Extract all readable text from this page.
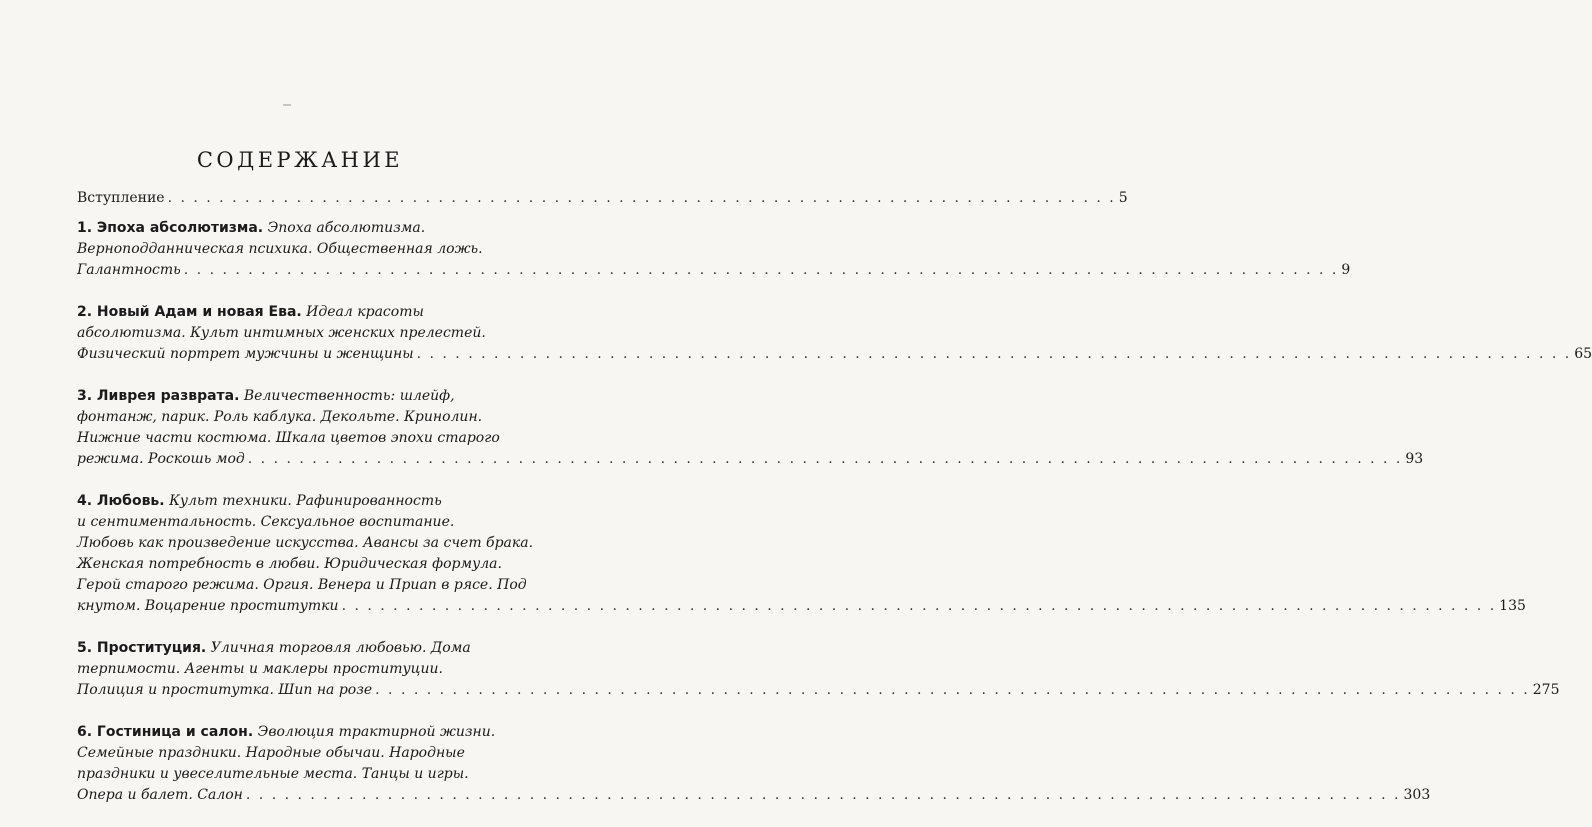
СОДЕРЖАНИЕ
Вступление . . . . . . . . . . . . . . . . . . . . . . . . . . . . . . . . . . . . . . . . . . . . . . . . . . . . . . . . . . . . . . . . . . . . . . . . . . 5
1. Эпоха абсолютизма. Эпоха абсолютизма.
Верноподданническая психика. Общественная ложь.
Галантность . . . . . . . . . . . . . . . . . . . . . . . . . . . . . . . . . . . . . . . . . . . . . . . . . . . . . . . . . . . . . . . . . . . . . . . . . . . . . . . . . . . . . . . . . . 9
2. Новый Адам и новая Ева. Идеал красоты
абсолютизма. Культ интимных женских прелестей.
Физический портрет мужчины и женщины . . . . . . . . . . . . . . . . . . . . . . . . . . . . . . . . . . . . . . . . . . . . . . . . . . . . . . . . . . . . . . . . . . . . . . . . . . . . . . . . . . . . . . . . . . 65
3. Ливрея разврата. Величественность: шлейф,
фонтанж, парик. Роль каблука. Декольте. Кринолин.
Нижние части костюма. Шкала цветов эпохи старого
режима. Роскошь мод . . . . . . . . . . . . . . . . . . . . . . . . . . . . . . . . . . . . . . . . . . . . . . . . . . . . . . . . . . . . . . . . . . . . . . . . . . . . . . . . . . . . . . . . . . 93
4. Любовь. Культ техники. Рафинированность
и сентиментальность. Сексуальное воспитание.
Любовь как произведение искусства. Авансы за счет брака.
Женская потребность в любви. Юридическая формула.
Герой старого режима. Оргия. Венера и Приап в рясе. Под
кнутом. Воцарение проститутки . . . . . . . . . . . . . . . . . . . . . . . . . . . . . . . . . . . . . . . . . . . . . . . . . . . . . . . . . . . . . . . . . . . . . . . . . . . . . . . . . . . . . . . . . . 135
5. Проституция. Уличная торговля любовью. Дома
терпимости. Агенты и маклеры проституции.
Полиция и проститутка. Шип на розе . . . . . . . . . . . . . . . . . . . . . . . . . . . . . . . . . . . . . . . . . . . . . . . . . . . . . . . . . . . . . . . . . . . . . . . . . . . . . . . . . . . . . . . . . . 275
6. Гостиница и салон. Эволюция трактирной жизни.
Семейные праздники. Народные обычаи. Народные
праздники и увеселительные места. Танцы и игры.
Опера и балет. Салон . . . . . . . . . . . . . . . . . . . . . . . . . . . . . . . . . . . . . . . . . . . . . . . . . . . . . . . . . . . . . . . . . . . . . . . . . . . . . . . . . . . . . . . . . . 303
